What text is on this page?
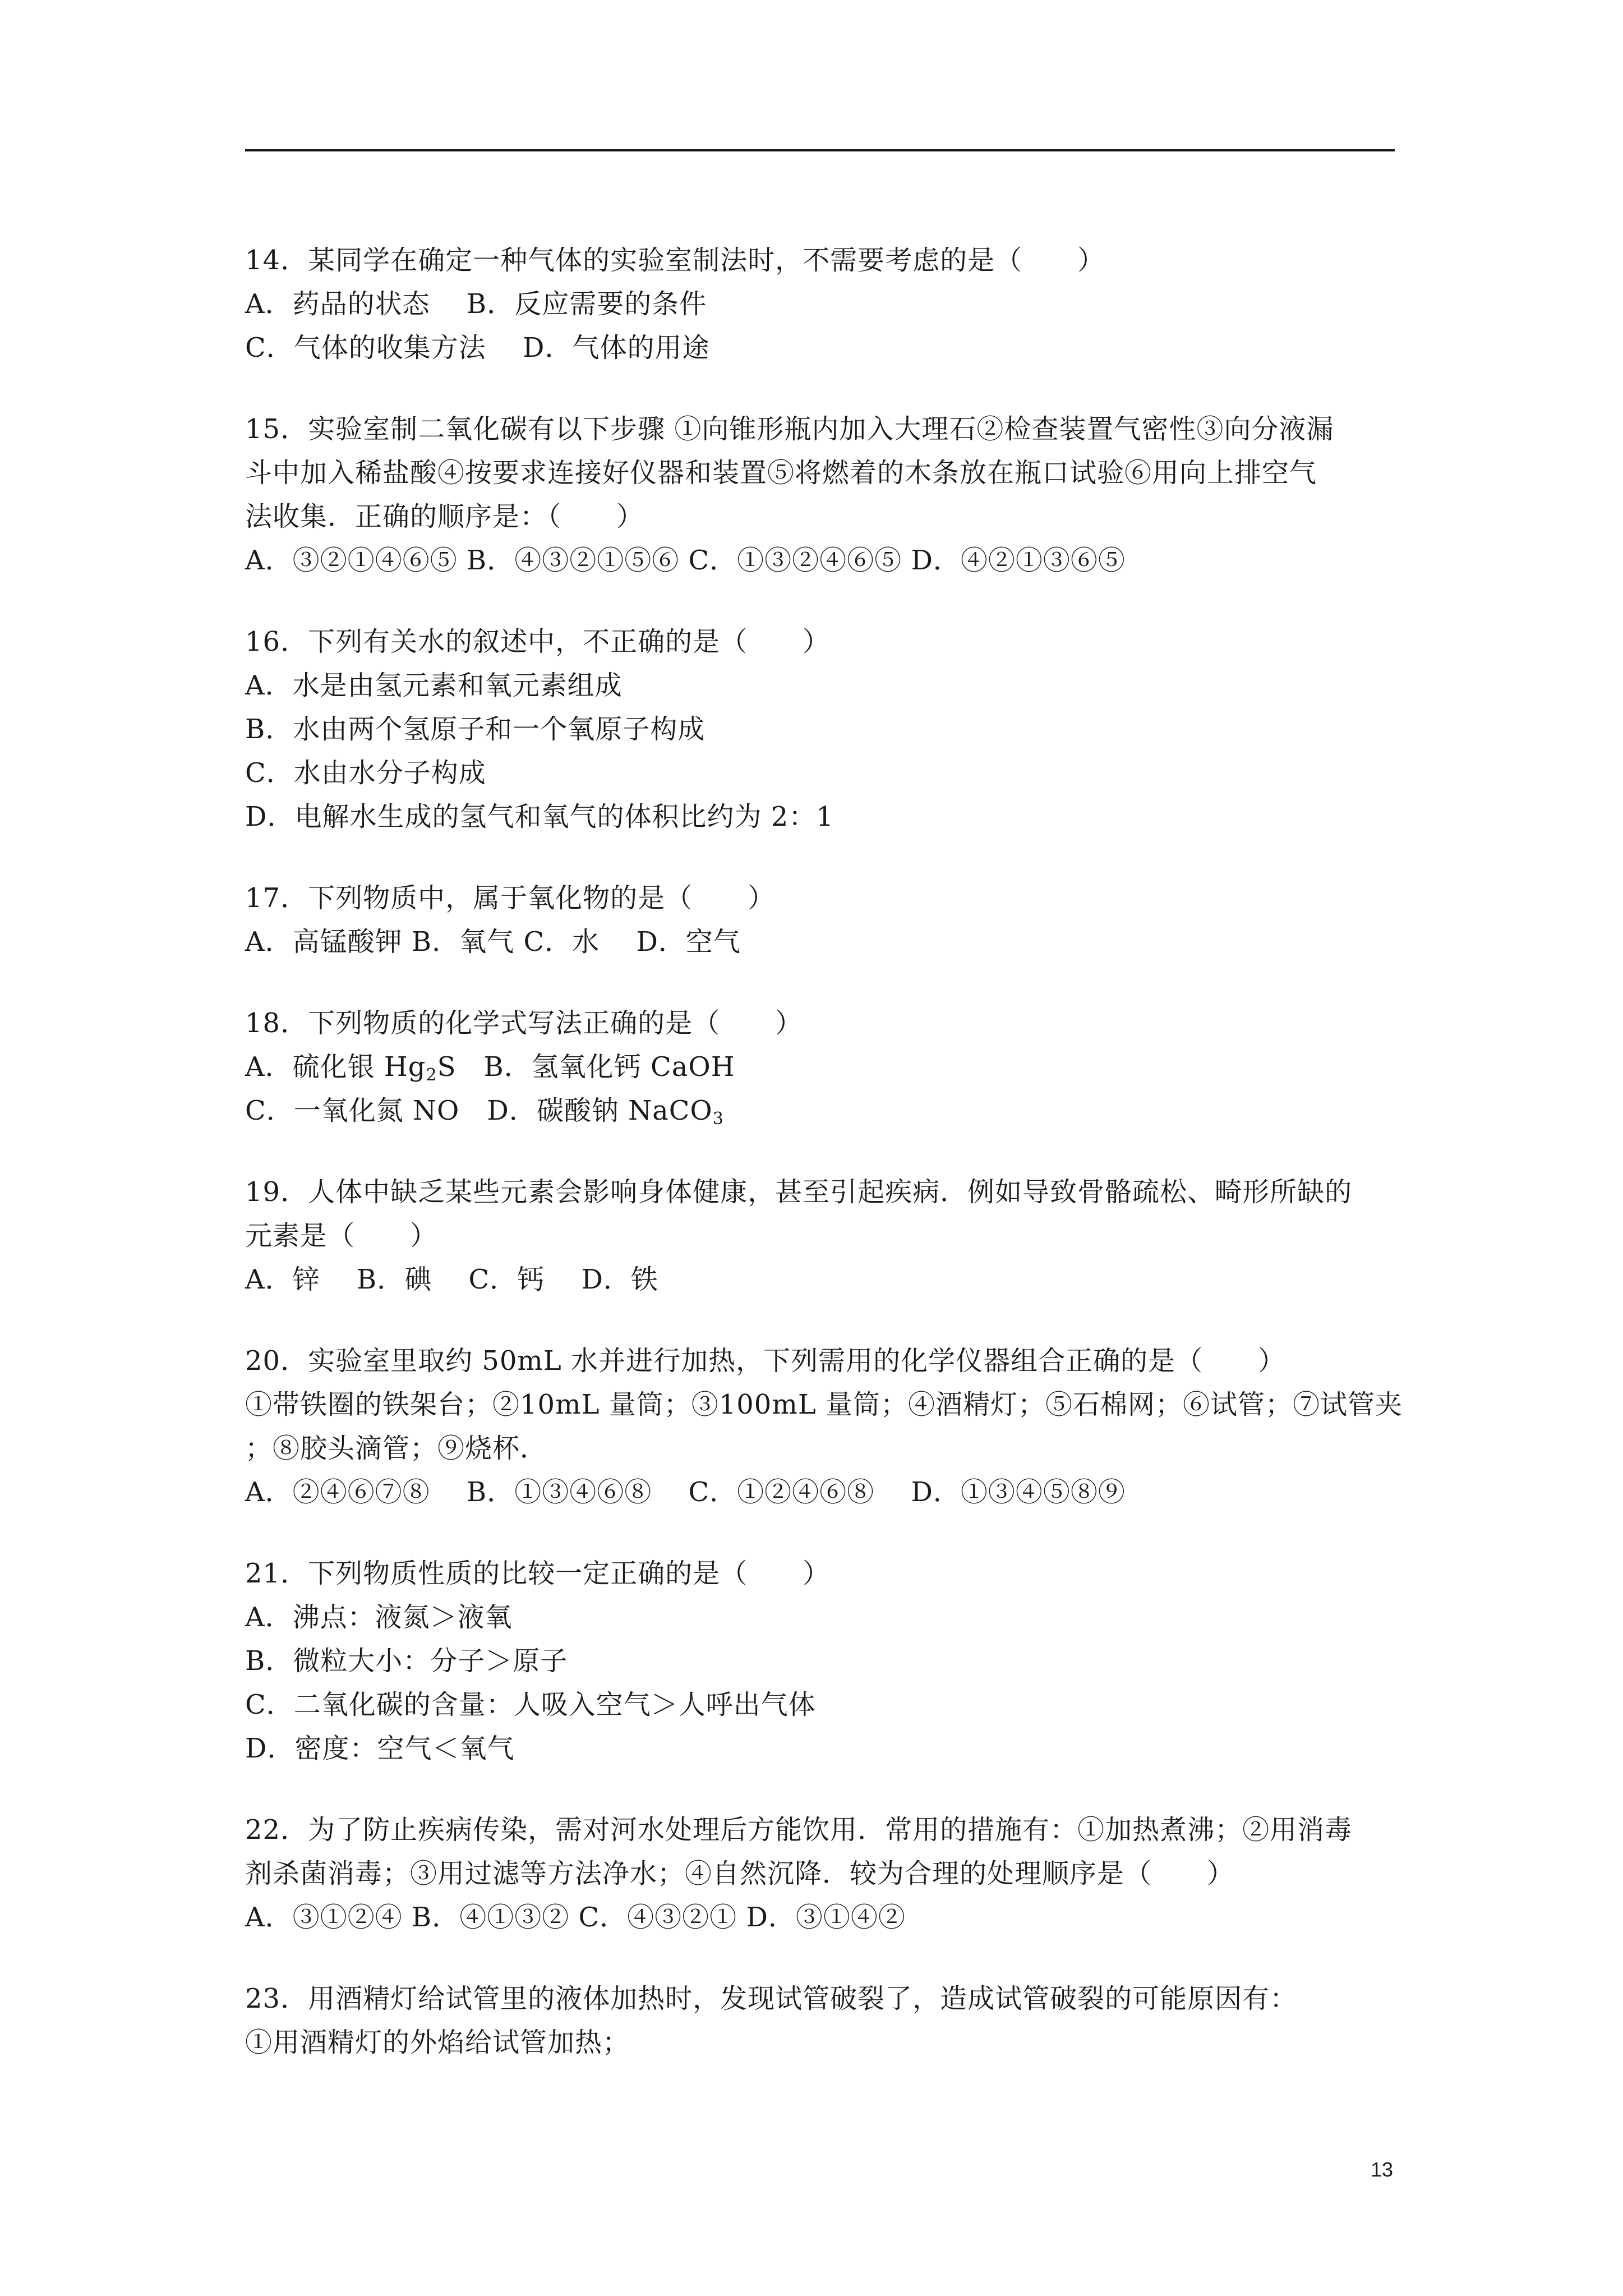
14．某同学在确定一种气体的实验室制法时，不需要考虑的是（　　）
A．药品的状态　 B．反应需要的条件
C．气体的收集方法　 D．气体的用途
15．实验室制二氧化碳有以下步骤 ①向锥形瓶内加入大理石②检查装置气密性③向分液漏
斗中加入稀盐酸④按要求连接好仪器和装置⑤将燃着的木条放在瓶口试验⑥用向上排空气
法收集．正确的顺序是：（　　）
A．③②①④⑥⑤ B．④③②①⑤⑥ C．①③②④⑥⑤ D．④②①③⑥⑤
16．下列有关水的叙述中，不正确的是（　　）
A．水是由氢元素和氧元素组成
B．水由两个氢原子和一个氧原子构成
C．水由水分子构成
D．电解水生成的氢气和氧气的体积比约为 2：1
17．下列物质中，属于氧化物的是（　　）
A．高锰酸钾 B．氧气 C．水　 D．空气
18．下列物质的化学式写法正确的是（　　）
A．硫化银 $Hg_2S$　B．氢氧化钙 CaOH
C．一氧化氮 NO　D．碳酸钠 NaCO$_3$
19．人体中缺乏某些元素会影响身体健康，甚至引起疾病．例如导致骨骼疏松、畸形所缺的
元素是（　　）
A．锌　 B．碘　 C．钙　 D．铁
20．实验室里取约 50mL 水并进行加热，下列需用的化学仪器组合正确的是（　　）
①带铁圈的铁架台；②10mL 量筒；③100mL 量筒；④酒精灯；⑤石棉网；⑥试管；⑦试管夹
；⑧胶头滴管；⑨烧杯．
A．②④⑥⑦⑧　 B．①③④⑥⑧　 C．①②④⑥⑧　 D．①③④⑤⑧⑨
21．下列物质性质的比较一定正确的是（　　）
A．沸点：液氮＞液氧
B．微粒大小：分子＞原子
C．二氧化碳的含量：人吸入空气＞人呼出气体
D．密度：空气＜氧气
22．为了防止疾病传染，需对河水处理后方能饮用．常用的措施有：①加热煮沸；②用消毒
剂杀菌消毒；③用过滤等方法净水；④自然沉降．较为合理的处理顺序是（　　）
A．③①②④ B．④①③② C．④③②① D．③①④②
23．用酒精灯给试管里的液体加热时，发现试管破裂了，造成试管破裂的可能原因有：
①用酒精灯的外焰给试管加热；
13
